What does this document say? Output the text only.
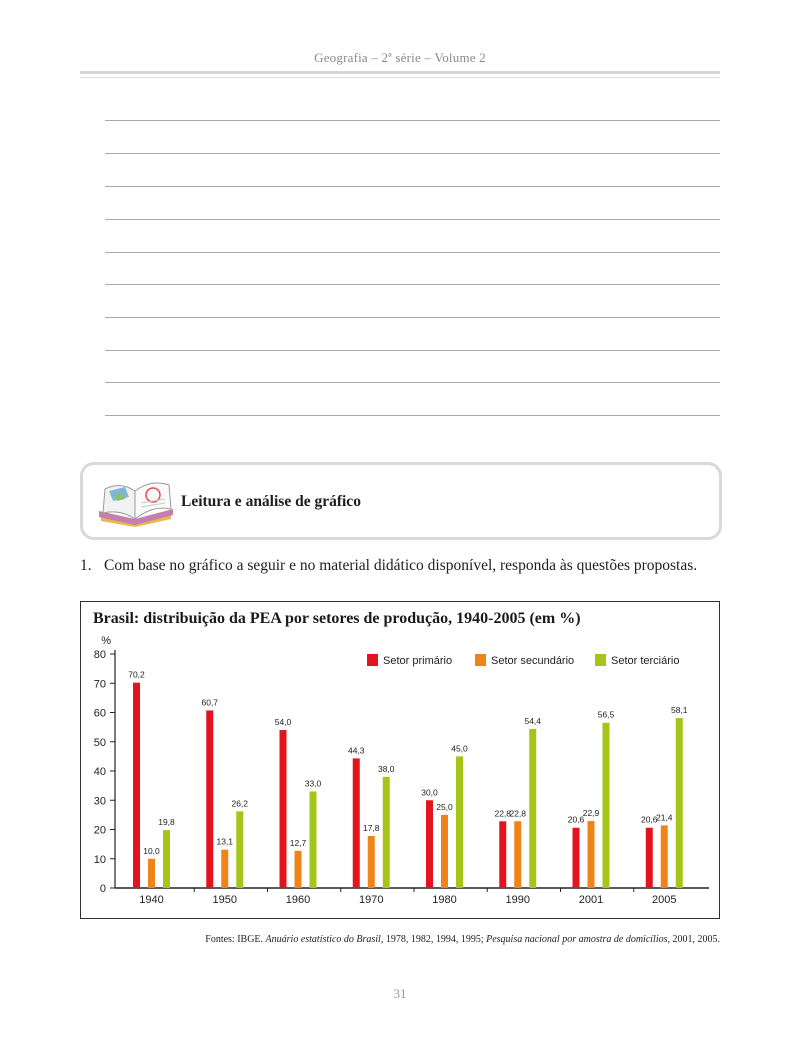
Geografia – 2ª série – Volume 2
Leitura e análise de gráfico
1. Com base no gráfico a seguir e no material didático disponível, responda às questões propostas.
Brasil: distribuição da PEA por setores de produção, 1940-2005 (em %)
%
0
10
20
30
40
50
60
70
80
70,2
10,0
19,8
1940
60,7
13,1
26,2
1950
54,0
12,7
33,0
1960
44,3
17,8
38,0
1970
30,0
25,0
45,0
1980
22,8
22,8
54,4
1990
20,6
22,9
56,5
2001
20,6
21,4
58,1
2005
Setor primário	Setor secundário	Setor terciário
Fontes: IBGE. Anuário estatístico do Brasil, 1978, 1982, 1994, 1995; Pesquisa nacional por amostra de domicílios, 2001, 2005.
31
